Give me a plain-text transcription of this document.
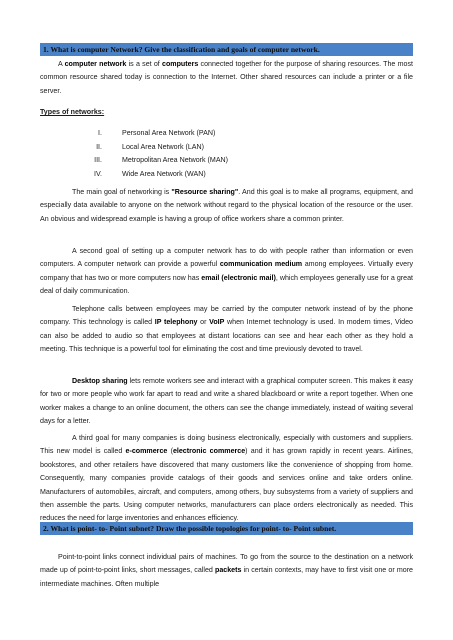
1. What is computer Network? Give the classification and goals of computer network.

A computer network is a set of computers connected together for the purpose of sharing resources. The most common resource shared today is connection to the Internet. Other shared resources can include a printer or a file server.

Types of networks:

I.	Personal Area Network (PAN)
II.	Local Area Network (LAN)
III.	Metropolitan Area Network (MAN)
IV.	Wide Area Network (WAN)

The main goal of networking is "Resource sharing". And this goal is to make all programs, equipment, and especially data available to anyone on the network without regard to the physical location of the resource or the user. An obvious and widespread example is having a group of office workers share a common printer.

A second goal of setting up a computer network has to do with people rather than information or even computers. A computer network can provide a powerful communication medium among employees. Virtually every company that has two or more computers now has email (electronic mail), which employees generally use for a great deal of daily communication.

Telephone calls between employees may be carried by the computer network instead of by the phone company. This technology is called IP telephony or VoIP when Internet technology is used. In modern times, Video can also be added to audio so that employees at distant locations can see and hear each other as they hold a meeting. This technique is a powerful tool for eliminating the cost and time previously devoted to travel.

Desktop sharing lets remote workers see and interact with a graphical computer screen. This makes it easy for two or more people who work far apart to read and write a shared blackboard or write a report together. When one worker makes a change to an online document, the others can see the change immediately, instead of waiting several days for a letter.

A third goal for many companies is doing business electronically, especially with customers and suppliers. This new model is called e-commerce (electronic commerce) and it has grown rapidly in recent years. Airlines, bookstores, and other retailers have discovered that many customers like the convenience of shopping from home. Consequently, many companies provide catalogs of their goods and services online and take orders online. Manufacturers of automobiles, aircraft, and computers, among others, buy subsystems from a variety of suppliers and then assemble the parts. Using computer networks, manufacturers can place orders electronically as needed. This reduces the need for large inventories and enhances efficiency.

2. What is point- to- Point subnet? Draw the possible topologies for point- to- Point subnet.

Point-to-point links connect individual pairs of machines. To go from the source to the destination on a network made up of point-to-point links, short messages, called packets in certain contexts, may have to first visit one or more intermediate machines. Often multiple
